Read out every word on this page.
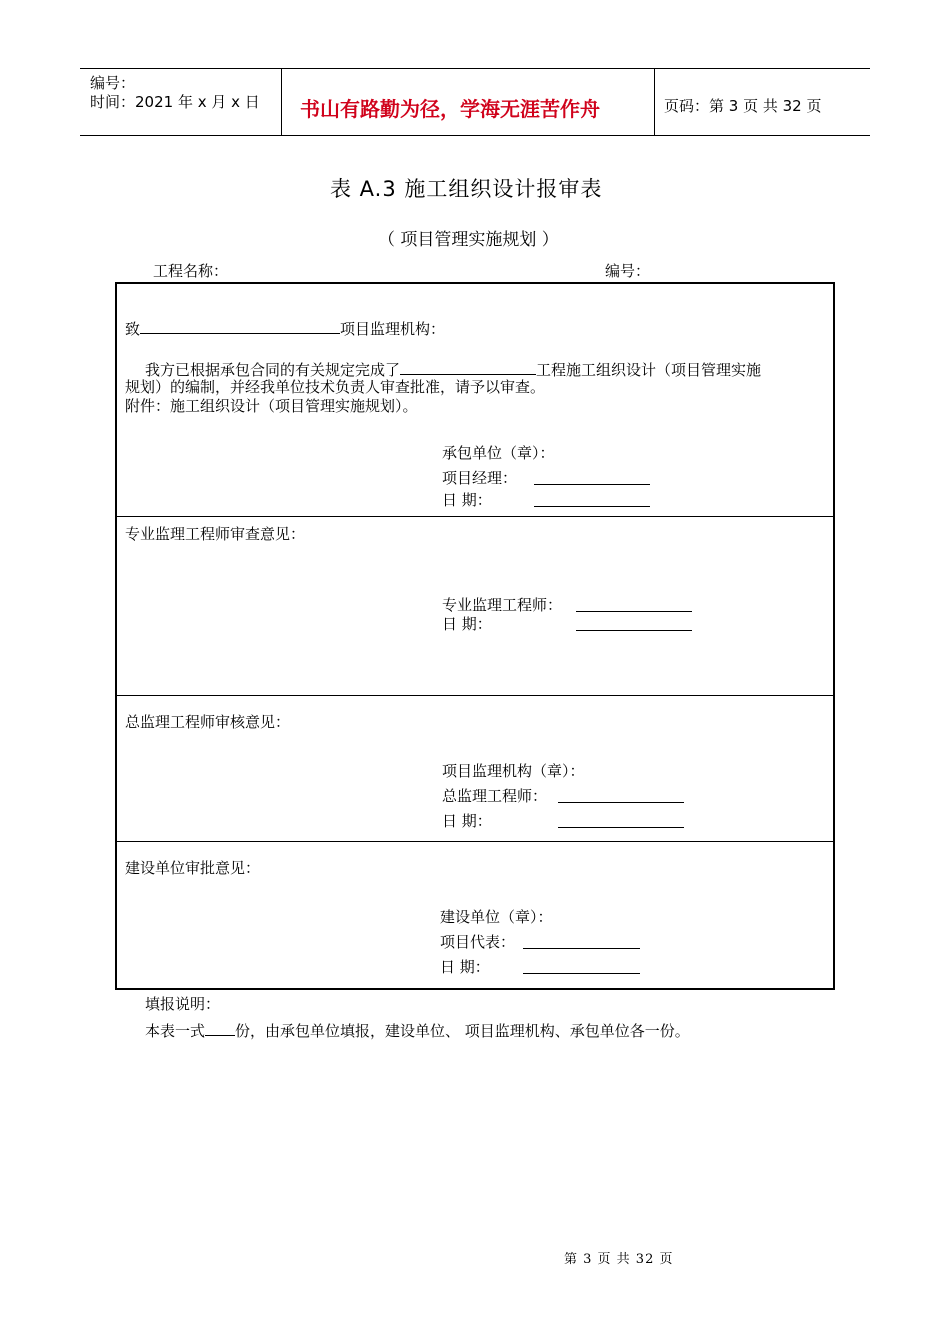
编号：
时间：2021 年 x 月 x 日 书山有路勤为径，学海无涯苦作舟	页码：第 3 页 共 32 页
表 A.3 施工组织设计报审表
（ 项目管理实施规划 ）
工程名称：	编号：
致	项目监理机构：
我方已根据承包合同的有关规定完成了	工程施工组织设计（项目管理实施
规划）的编制，并经我单位技术负责人审查批准，请予以审查。
附件：施工组织设计（项目管理实施规划）。
承包单位（章）：
项目经理：
日 期：
专业监理工程师审查意见：
专业监理工程师：
日 期：
总监理工程师审核意见：
项目监理机构（章）：
总监理工程师：
日 期：
建设单位审批意见：
建设单位（章）：
项目代表：
日 期：
填报说明：
本表一式 份，由承包单位填报，建设单位、 项目监理机构、承包单位各一份。
第 3 页 共 32 页
